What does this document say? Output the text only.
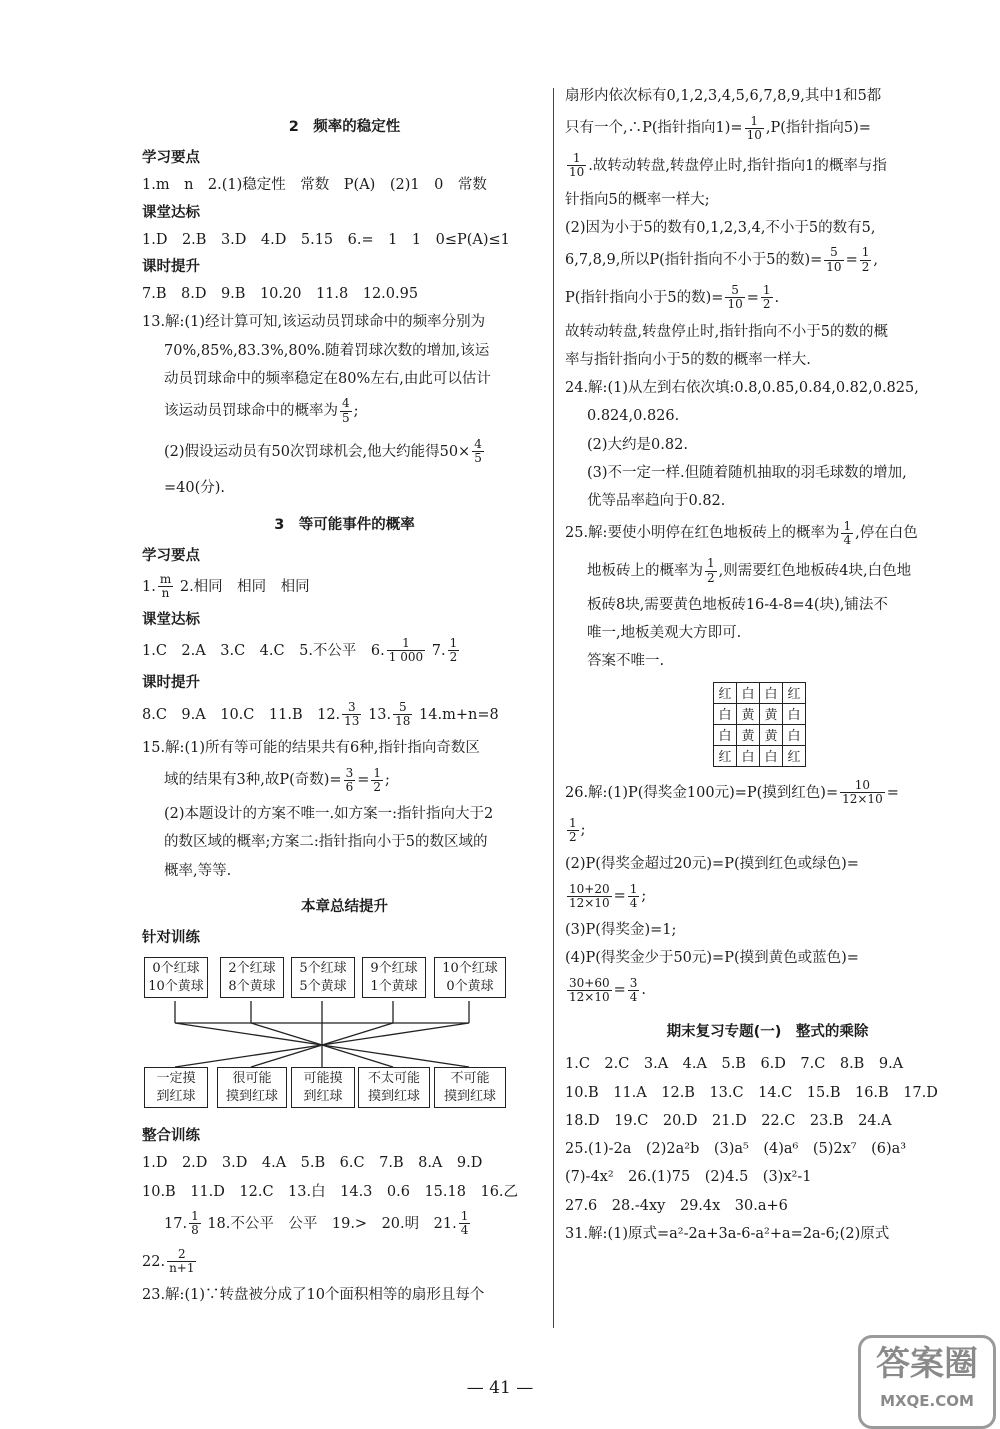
2　频率的稳定性

学习要点

1.m　n　2.(1)稳定性　常数　P(A)　(2)1　0　常数

课堂达标

1.D　2.B　3.D　4.D　5.15　6.=　1　1　0≤P(A)≤1

课时提升

7.B　8.D　9.B　10.20　11.8　12.0.95

13.解:(1)经计算可知,该运动员罚球命中的频率分别为

70%,85%,83.3%,80%.随着罚球次数的增加,该运

动员罚球命中的频率稳定在80%左右,由此可以估计

该运动员罚球命中的概率为 $\frac{4}{5}$ ;

(2)假设运动员有50次罚球机会,他大约能得$50\times \frac{4}{5}$

=40(分).

3　等可能事件的概率

学习要点

1. $\frac{m}{n} 2$.相同　相同　相同

课堂达标

1.C　2.A　3.C　4.C　5.不公平　6. $\frac{1}{1 000} 7$. $\frac{1}{2}$

课时提升

8.C　9.A　10.C　11.B　12. $\frac{3}{13} 13$. $\frac{5}{18} 14.m+n=8$

15.解:(1)所有等可能的结果共有6种,指针指向奇数区

域的结果有3种,故P(奇数)= $\frac{3}{6} = \frac{1}{2}$ ;

(2)本题设计的方案不唯一.如方案一:指针指向大于2

的数区域的概率;方案二:指针指向小于5的数区域的

概率,等等.

本章总结提升

针对训练

0个红球
10个黄球
2个红球
8个黄球
5个红球
5个黄球
9个红球
1个黄球
10个红球
0个黄球
一定摸
到红球
很可能
摸到红球
可能摸
到红球
不太可能
摸到红球
不可能
摸到红球

整合训练

1.D　2.D　3.D　4.A　5.B　6.C　7.B　8.A　9.D

10.B　11.D　12.C　13.白　14.3　0.6　15.18　16.乙

17. $\frac{1}{8} 18$.不公平　公平　19.>　20.明　21. $\frac{1}{4}$

22. $\frac{2}{n+1}$

23.解:(1)∵转盘被分成了10个面积相等的扇形且每个

扇形内依次标有0,1,2,3,4,5,6,7,8,9,其中1和5都

只有一个,∴P(指针指向$1)= \frac{1}{10} ,P$(指针指向5)=

$\frac{1}{10}$ .故转动转盘,转盘停止时,指针指向1的概率与指

针指向5的概率一样大;

(2)因为小于5的数有0,1,2,3,4,不小于5的数有5,

6,7,8,9,所以P(指针指向不小于5的数)= $\frac{5}{10} = \frac{1}{2}$ ,

P(指针指向小于5的数)= $\frac{5}{10} = \frac{1}{2}$ .

故转动转盘,转盘停止时,指针指向不小于5的数的概

率与指针指向小于5的数的概率一样大.

24.解:(1)从左到右依次填:0.8,0.85,0.84,0.82,0.825,

0.824,0.826.

(2)大约是0.82.

(3)不一定一样.但随着随机抽取的羽毛球数的增加,

优等品率趋向于0.82.

25.解:要使小明停在红色地板砖上的概率为 $\frac{1}{4}$ ,停在白色

地板砖上的概率为 $\frac{1}{2}$ ,则需要红色地板砖4块,白色地

板砖8块,需要黄色地板砖16-4-8=4(块),铺法不

唯一,地板美观大方即可.

答案不唯一.

红	白	白	红
白	黄	黄	白
白	黄	黄	白
红	白	白	红

26.解:(1)P(得奖金100元)=P(摸到红色)= $\frac{10}{12\times 10}$ =

$\frac{1}{2}$ ;

(2)P(得奖金超过20元)=P(摸到红色或绿色)=

$\frac{10+20}{12\times 10} = \frac{1}{4}$ ;

(3)P(得奖金)=1;

(4)P(得奖金少于50元)=P(摸到黄色或蓝色)=

$\frac{30+60}{12\times 10} = \frac{3}{4}$ .

期末复习专题(一)　整式的乘除

1.C　2.C　3.A　4.A　5.B　6.D　7.C　8.B　9.A

10.B　11.A　12.B　13.C　14.C　15.B　16.B　17.D

18.D　19.C　20.D　21.D　22.C　23.B　24.A

25.(1)-2a　(2)2a²b　(3)a⁵　(4)a⁶　(5)2x⁷　(6)a³

(7)-4x²　26.(1)75　(2)4.5　(3)x²-1

27.6　28.-4xy　29.4x　30.a+6

31.解:(1)原式=a²-2a+3a-6-a²+a=2a-6;(2)原式

— 41 —
答案圈
MXQE.COM
